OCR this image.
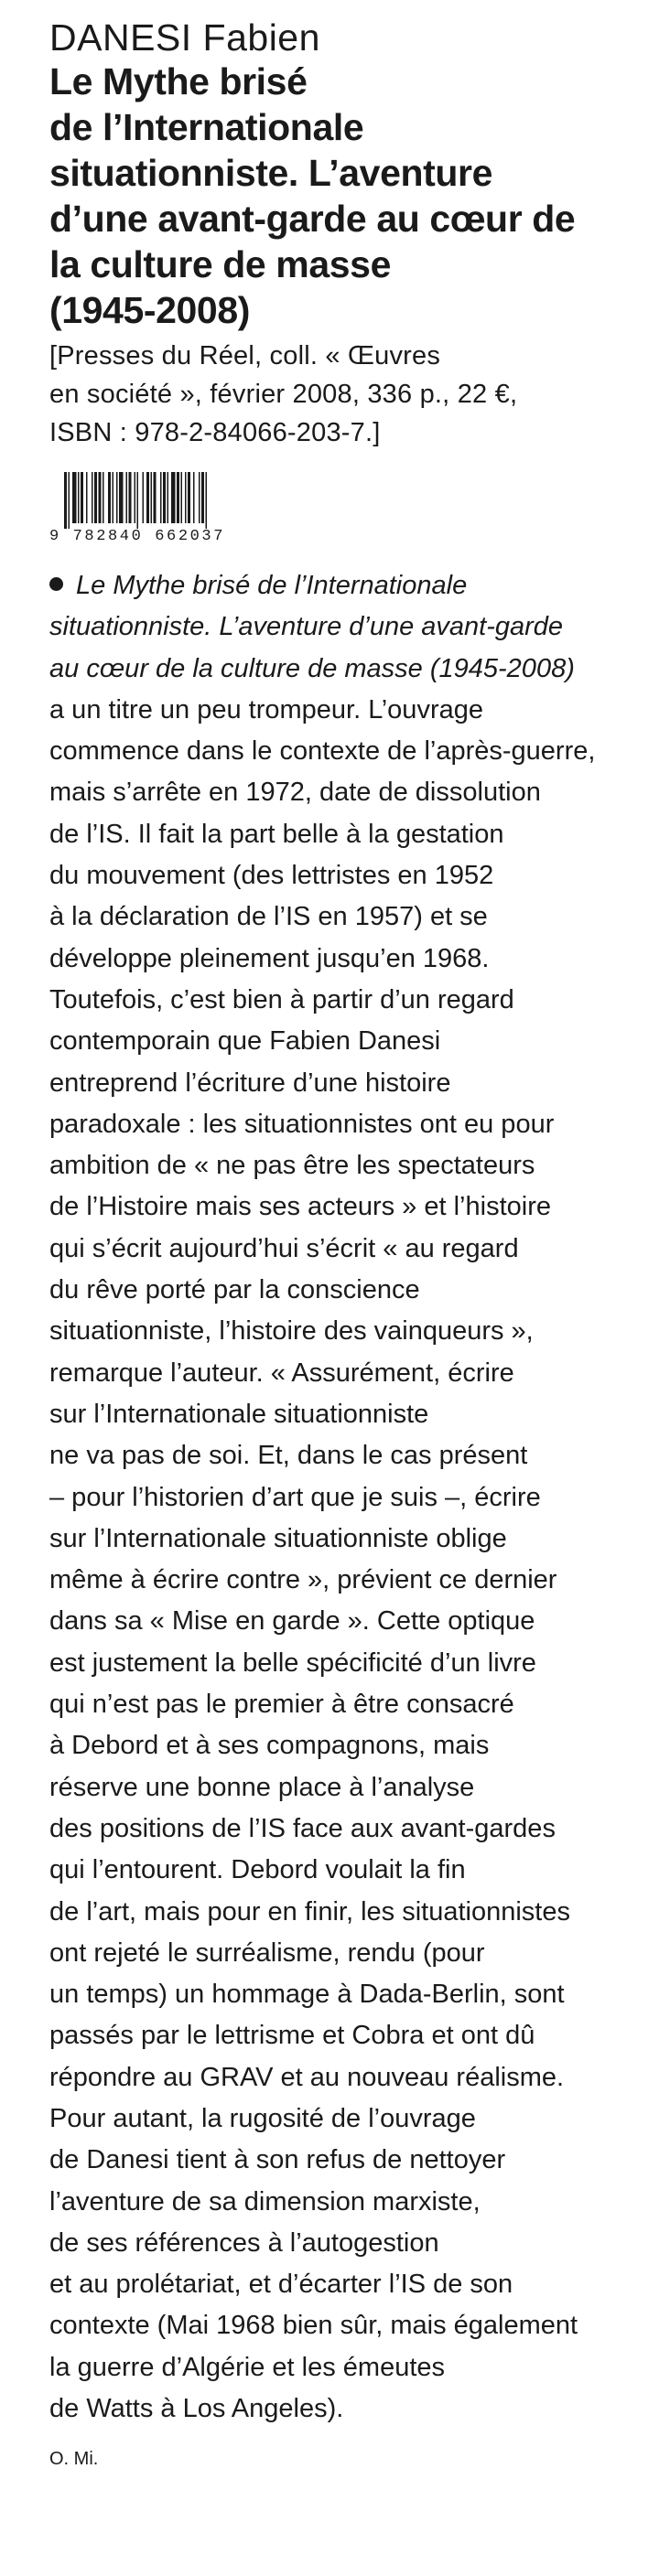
DANESI Fabien

Le Mythe brisé
de l’Internationale
situationniste. L’aventure
d’une avant-garde au cœur de
la culture de masse
(1945-2008)

[Presses du Réel, coll. « Œuvres
en société », février 2008, 336 p., 22 €,
ISBN : 978-2-84066-203-7.]

9 782840 662037
Le Mythe brisé de l’Internationale
situationniste. L’aventure d’une avant-garde
au cœur de la culture de masse (1945-2008)
a un titre un peu trompeur. L’ouvrage
commence dans le contexte de l’après-guerre,
mais s’arrête en 1972, date de dissolution
de l’IS. Il fait la part belle à la gestation
du mouvement (des lettristes en 1952
à la déclaration de l’IS en 1957) et se
développe pleinement jusqu’en 1968.
Toutefois, c’est bien à partir d’un regard
contemporain que Fabien Danesi
entreprend l’écriture d’une histoire
paradoxale : les situationnistes ont eu pour
ambition de « ne pas être les spectateurs
de l’Histoire mais ses acteurs » et l’histoire
qui s’écrit aujourd’hui s’écrit « au regard
du rêve porté par la conscience
situationniste, l’histoire des vainqueurs »,
remarque l’auteur. « Assurément, écrire
sur l’Internationale situationniste
ne va pas de soi. Et, dans le cas présent
– pour l’historien d’art que je suis –, écrire
sur l’Internationale situationniste oblige
même à écrire contre », prévient ce dernier
dans sa « Mise en garde ». Cette optique
est justement la belle spécificité d’un livre
qui n’est pas le premier à être consacré
à Debord et à ses compagnons, mais
réserve une bonne place à l’analyse
des positions de l’IS face aux avant-gardes
qui l’entourent. Debord voulait la fin
de l’art, mais pour en finir, les situationnistes
ont rejeté le surréalisme, rendu (pour
un temps) un hommage à Dada-Berlin, sont
passés par le lettrisme et Cobra et ont dû
répondre au GRAV et au nouveau réalisme.
Pour autant, la rugosité de l’ouvrage
de Danesi tient à son refus de nettoyer
l’aventure de sa dimension marxiste,
de ses références à l’autogestion
et au prolétariat, et d’écarter l’IS de son
contexte (Mai 1968 bien sûr, mais également
la guerre d’Algérie et les émeutes
de Watts à Los Angeles).
O. Mi.
